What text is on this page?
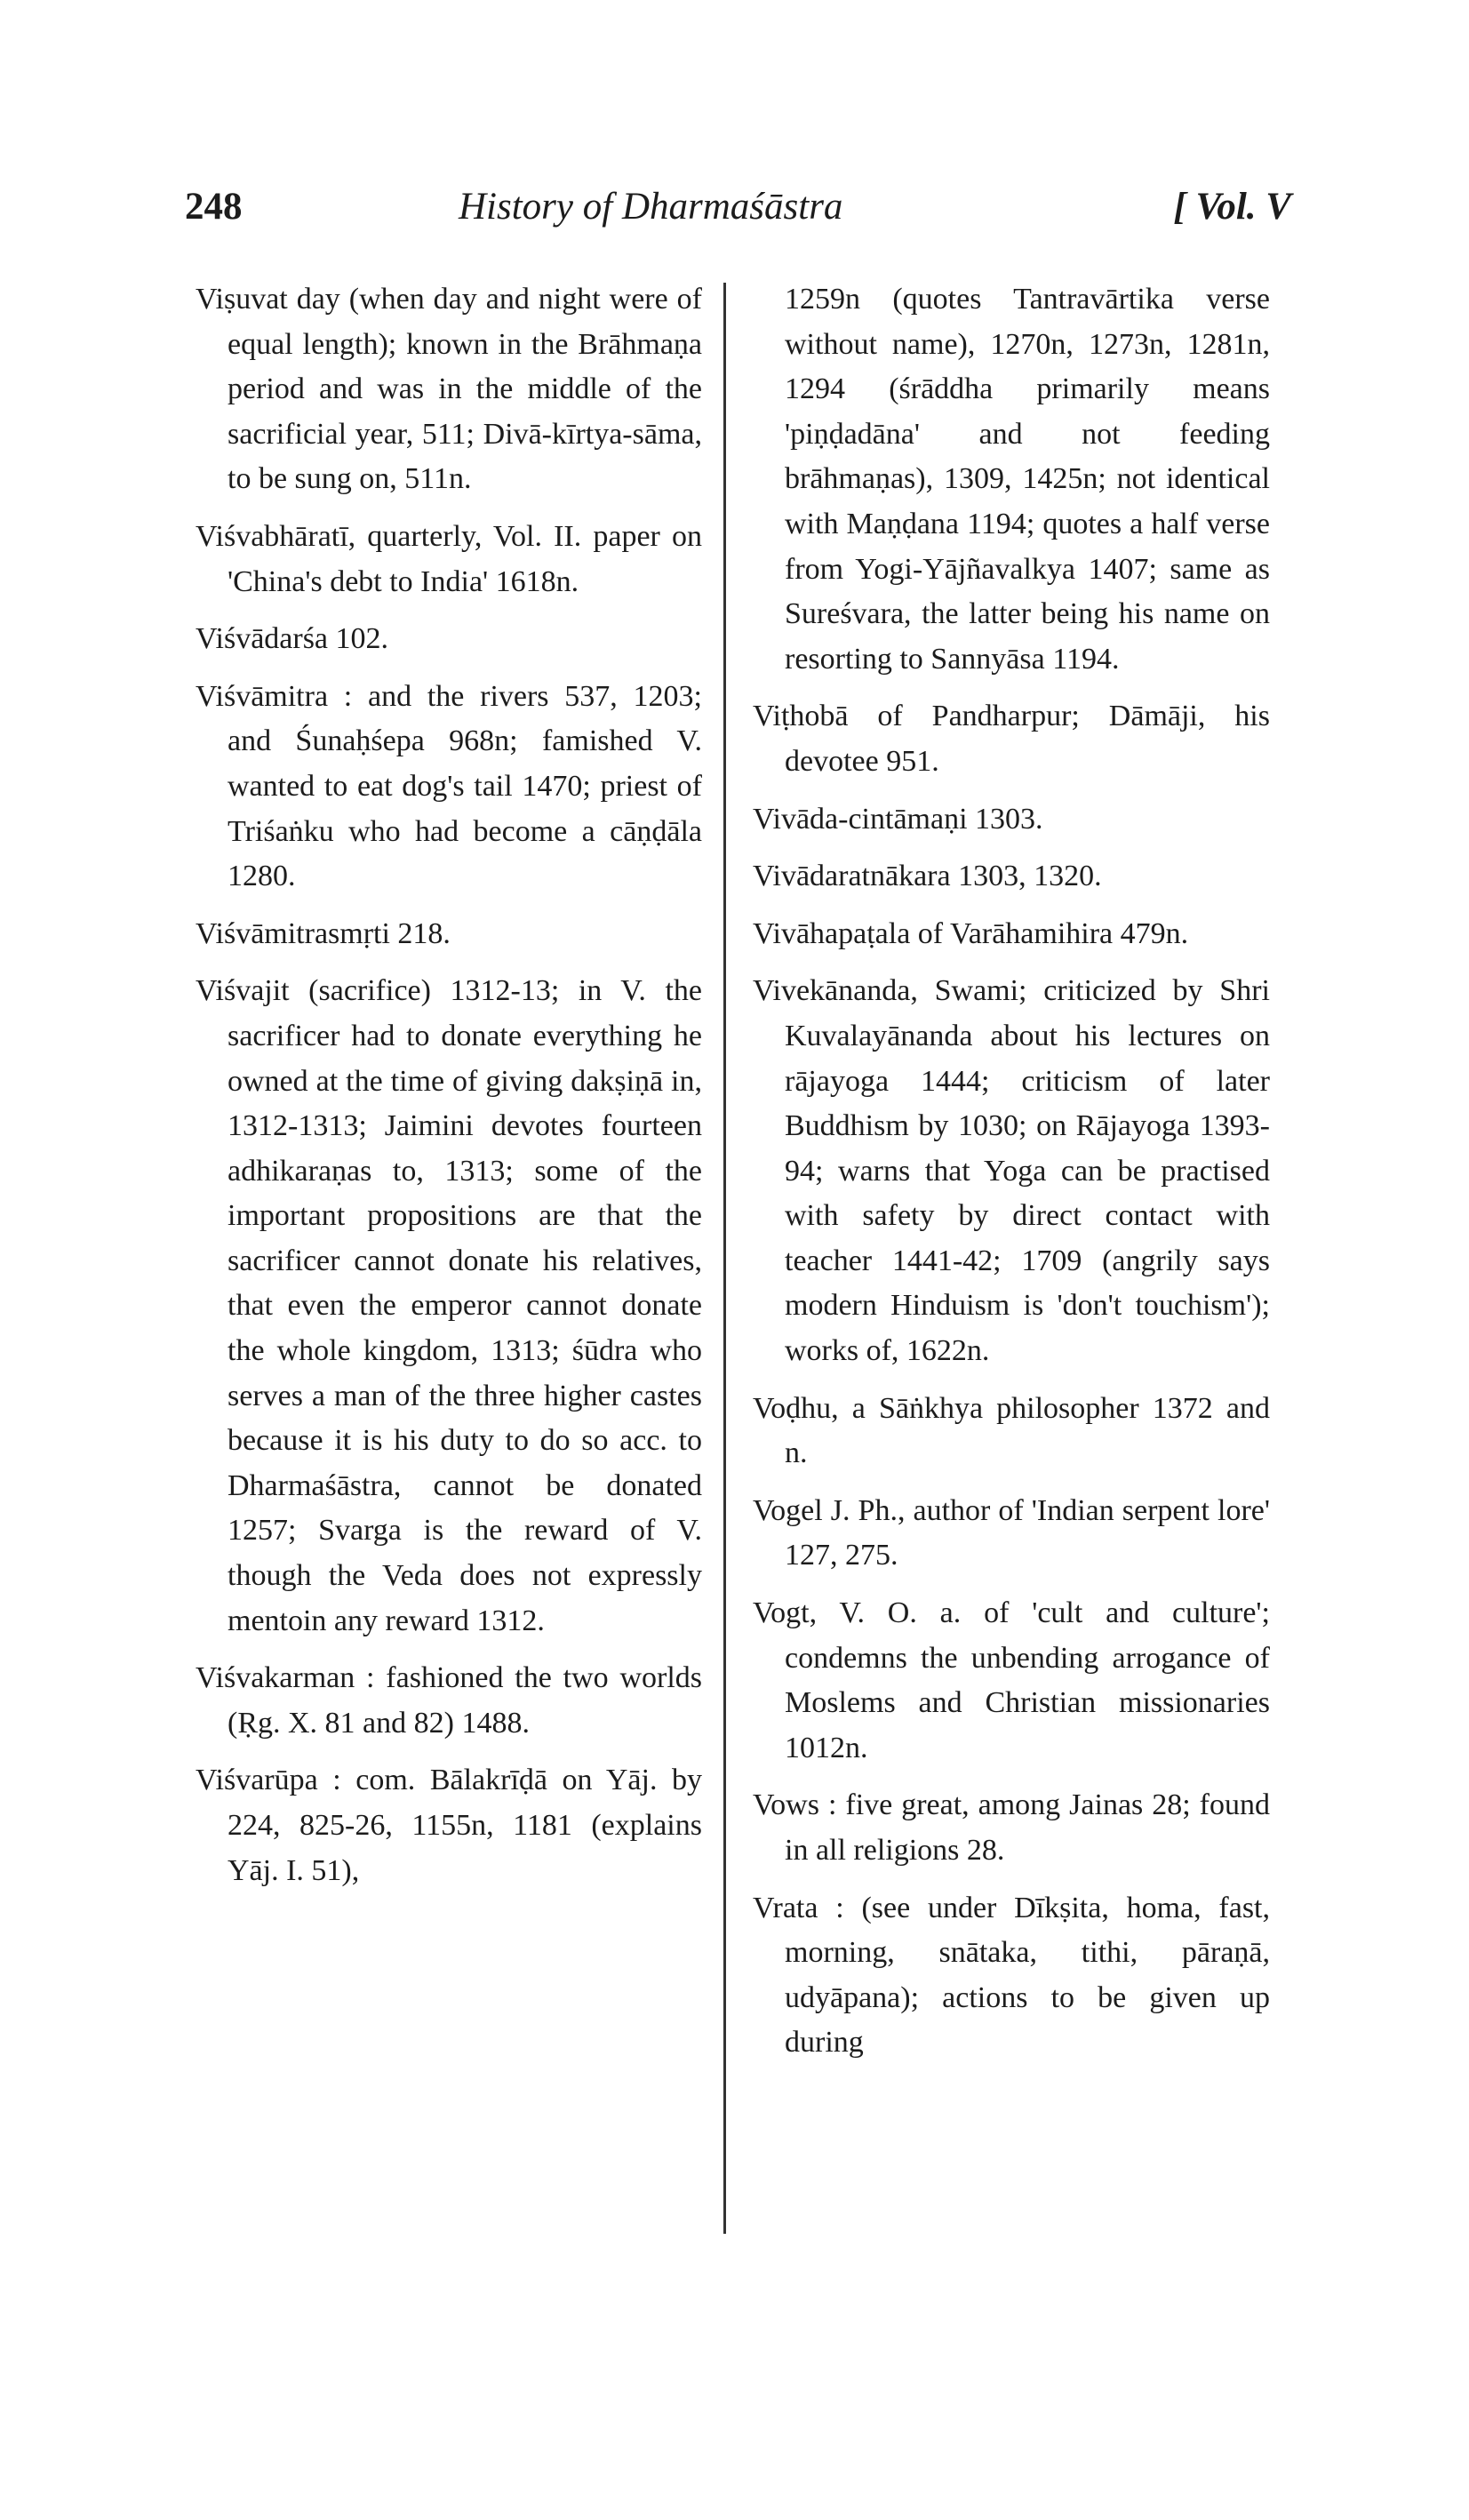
248	History of Dharmaśāstra	[ Vol. V

Viṣuvat day (when day and night were of equal length); known in the Brāhmaṇa period and was in the middle of the sacrificial year, 511; Divā-kīrtya-sāma, to be sung on, 511n.

Viśvabhāratī, quarterly, Vol. II. paper on 'China's debt to India' 1618n.

Viśvādarśa 102.

Viśvāmitra : and the rivers 537, 1203; and Śunaḥśepa 968n; famished V. wanted to eat dog's tail 1470; priest of Triśaṅku who had become a cāṇḍāla 1280.

Viśvāmitrasmṛti 218.

Viśvajit (sacrifice) 1312-13; in V. the sacrificer had to donate everything he owned at the time of giving dakṣiṇā in, 1312-1313; Jaimini devotes fourteen adhikaraṇas to, 1313; some of the important propositions are that the sacrificer cannot donate his relatives, that even the emperor cannot donate the whole kingdom, 1313; śūdra who serves a man of the three higher castes because it is his duty to do so acc. to Dharmaśāstra, cannot be donated 1257; Svarga is the reward of V. though the Veda does not expressly mentoin any reward 1312.

Viśvakarman : fashioned the two worlds (Ṛg. X. 81 and 82) 1488.

Viśvarūpa : com. Bālakrīḍā on Yāj. by 224, 825-26, 1155n, 1181 (explains Yāj. I. 51),

1259n (quotes Tantravārtika verse without name), 1270n, 1273n, 1281n, 1294 (śrāddha primarily means 'piṇḍadāna' and not feeding brāhmaṇas), 1309, 1425n; not identical with Maṇḍana 1194; quotes a half verse from Yogi-Yājñavalkya 1407; same as Sureśvara, the latter being his name on resorting to Sannyāsa 1194.

Viṭhobā of Pandharpur; Dāmāji, his devotee 951.

Vivāda-cintāmaṇi 1303.

Vivādaratnākara 1303, 1320.

Vivāhapaṭala of Varāhamihira 479n.

Vivekānanda, Swami; criticized by Shri Kuvalayānanda about his lectures on rājayoga 1444; criticism of later Buddhism by 1030; on Rājayoga 1393-94; warns that Yoga can be practised with safety by direct contact with teacher 1441-42; 1709 (angrily says modern Hinduism is 'don't touchism'); works of, 1622n.

Voḍhu, a Sāṅkhya philosopher 1372 and n.

Vogel J. Ph., author of 'Indian serpent lore' 127, 275.

Vogt, V. O. a. of 'cult and culture'; condemns the unbending arrogance of Moslems and Christian missionaries 1012n.

Vows : five great, among Jainas 28; found in all religions 28.

Vrata : (see under Dīkṣita, homa, fast, morning, snātaka, tithi, pāraṇā, udyāpana); actions to be given up during
